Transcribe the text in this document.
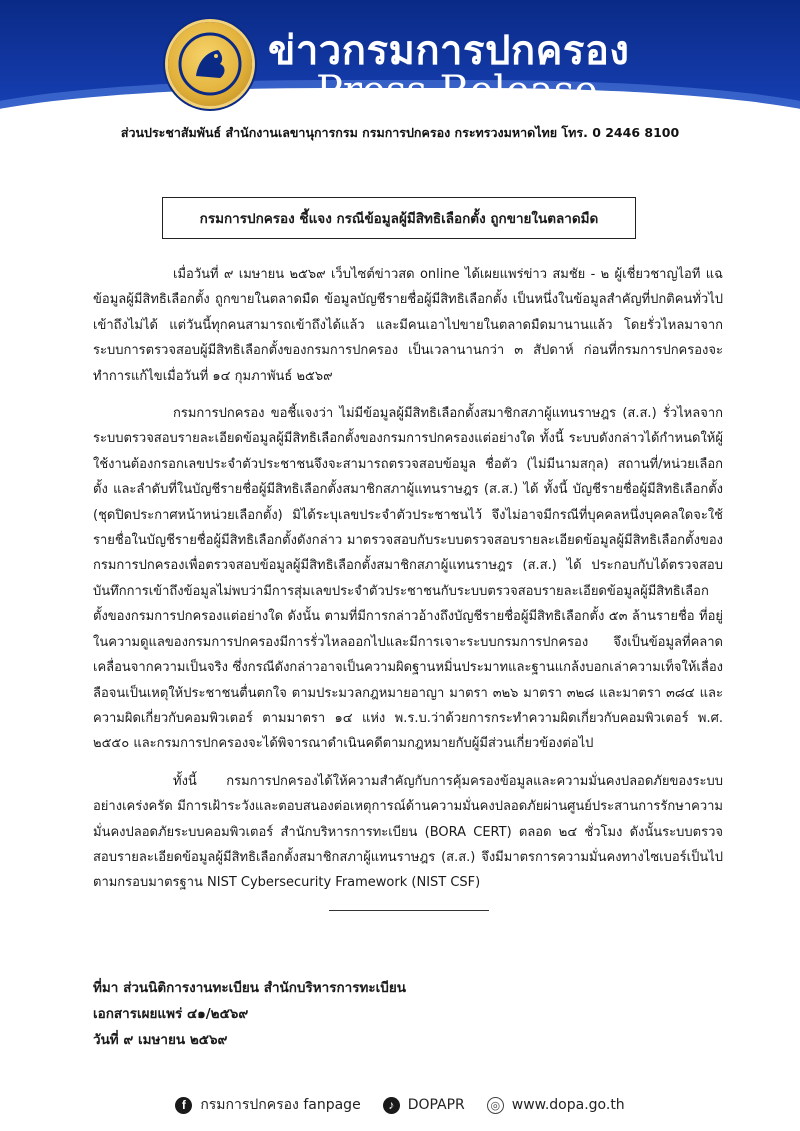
ข่าวกรมการปกครอง
Press Release
ส่วนประชาสัมพันธ์ สำนักงานเลขานุการกรม กรมการปกครอง กระทรวงมหาดไทย โทร. 0 2446 8100
กรมการปกครอง ชี้แจง กรณีข้อมูลผู้มีสิทธิเลือกตั้ง ถูกขายในตลาดมืด

เมื่อวันที่ ๙ เมษายน ๒๕๖๙ เว็บไซต์ข่าวสด online ได้เผยแพร่ข่าว สมชัย - ๒ ผู้เชี่ยวชาญไอที แฉข้อมูลผู้มีสิทธิเลือกตั้ง ถูกขายในตลาดมืด ข้อมูลบัญชีรายชื่อผู้มีสิทธิเลือกตั้ง เป็นหนึ่งในข้อมูลสำคัญที่ปกติคนทั่วไปเข้าถึงไม่ได้ แต่วันนี้ทุกคนสามารถเข้าถึงได้แล้ว และมีคนเอาไปขายในตลาดมืดมานานแล้ว โดยรั่วไหลมาจากระบบการตรวจสอบผู้มีสิทธิเลือกตั้งของกรมการปกครอง เป็นเวลานานกว่า ๓ สัปดาห์ ก่อนที่กรมการปกครองจะทำการแก้ไขเมื่อวันที่ ๑๔ กุมภาพันธ์ ๒๕๖๙

กรมการปกครอง ขอชี้แจงว่า ไม่มีข้อมูลผู้มีสิทธิเลือกตั้งสมาชิกสภาผู้แทนราษฎร (ส.ส.) รั่วไหลจากระบบตรวจสอบรายละเอียดข้อมูลผู้มีสิทธิเลือกตั้งของกรมการปกครองแต่อย่างใด ทั้งนี้ ระบบดังกล่าวได้กำหนดให้ผู้ใช้งานต้องกรอกเลขประจำตัวประชาชนจึงจะสามารถตรวจสอบข้อมูล ชื่อตัว (ไม่มีนามสกุล) สถานที่/หน่วยเลือกตั้ง และลำดับที่ในบัญชีรายชื่อผู้มีสิทธิเลือกตั้งสมาชิกสภาผู้แทนราษฎร (ส.ส.) ได้ ทั้งนี้ บัญชีรายชื่อผู้มีสิทธิเลือกตั้ง (ชุดปิดประกาศหน้าหน่วยเลือกตั้ง) มิได้ระบุเลขประจำตัวประชาชนไว้ จึงไม่อาจมีกรณีที่บุคคลหนึ่งบุคคลใดจะใช้รายชื่อในบัญชีรายชื่อผู้มีสิทธิเลือกตั้งดังกล่าว มาตรวจสอบกับระบบตรวจสอบรายละเอียดข้อมูลผู้มีสิทธิเลือกตั้งของกรมการปกครองเพื่อตรวจสอบข้อมูลผู้มีสิทธิเลือกตั้งสมาชิกสภาผู้แทนราษฎร (ส.ส.) ได้ ประกอบกับได้ตรวจสอบบันทึกการเข้าถึงข้อมูลไม่พบว่ามีการสุ่มเลขประจำตัวประชาชนกับระบบตรวจสอบรายละเอียดข้อมูลผู้มีสิทธิเลือกตั้งของกรมการปกครองแต่อย่างใด ดังนั้น ตามที่มีการกล่าวอ้างถึงบัญชีรายชื่อผู้มีสิทธิเลือกตั้ง ๕๓ ล้านรายชื่อ ที่อยู่ในความดูแลของกรมการปกครองมีการรั่วไหลออกไปและมีการเจาะระบบกรมการปกครอง จึงเป็นข้อมูลที่คลาดเคลื่อนจากความเป็นจริง ซึ่งกรณีดังกล่าวอาจเป็นความผิดฐานหมิ่นประมาทและฐานแกล้งบอกเล่าความเท็จให้เลื่องลือจนเป็นเหตุให้ประชาชนตื่นตกใจ ตามประมวลกฎหมายอาญา มาตรา ๓๒๖ มาตรา ๓๒๘ และมาตรา ๓๘๔ และความผิดเกี่ยวกับคอมพิวเตอร์ ตามมาตรา ๑๔ แห่ง พ.ร.บ.ว่าด้วยการกระทำความผิดเกี่ยวกับคอมพิวเตอร์ พ.ศ. ๒๕๕๐ และกรมการปกครองจะได้พิจารณาดำเนินคดีตามกฎหมายกับผู้มีส่วนเกี่ยวข้องต่อไป

ทั้งนี้ กรมการปกครองได้ให้ความสำคัญกับการคุ้มครองข้อมูลและความมั่นคงปลอดภัยของระบบอย่างเคร่งครัด มีการเฝ้าระวังและตอบสนองต่อเหตุการณ์ด้านความมั่นคงปลอดภัยผ่านศูนย์ประสานการรักษาความมั่นคงปลอดภัยระบบคอมพิวเตอร์ สำนักบริหารการทะเบียน (BORA CERT) ตลอด ๒๔ ชั่วโมง ดังนั้นระบบตรวจสอบรายละเอียดข้อมูลผู้มีสิทธิเลือกตั้งสมาชิกสภาผู้แทนราษฎร (ส.ส.) จึงมีมาตรการความมั่นคงทางไซเบอร์เป็นไปตามกรอบมาตรฐาน NIST Cybersecurity Framework (NIST CSF)

ที่มา ส่วนนิติการงานทะเบียน สำนักบริหารการทะเบียน
เอกสารเผยแพร่ ๔๑/๒๕๖๙
วันที่ ๙ เมษายน ๒๕๖๙
f	กรมการปกครอง fanpage	♪ DOPAPR	◎ www.dopa.go.th
